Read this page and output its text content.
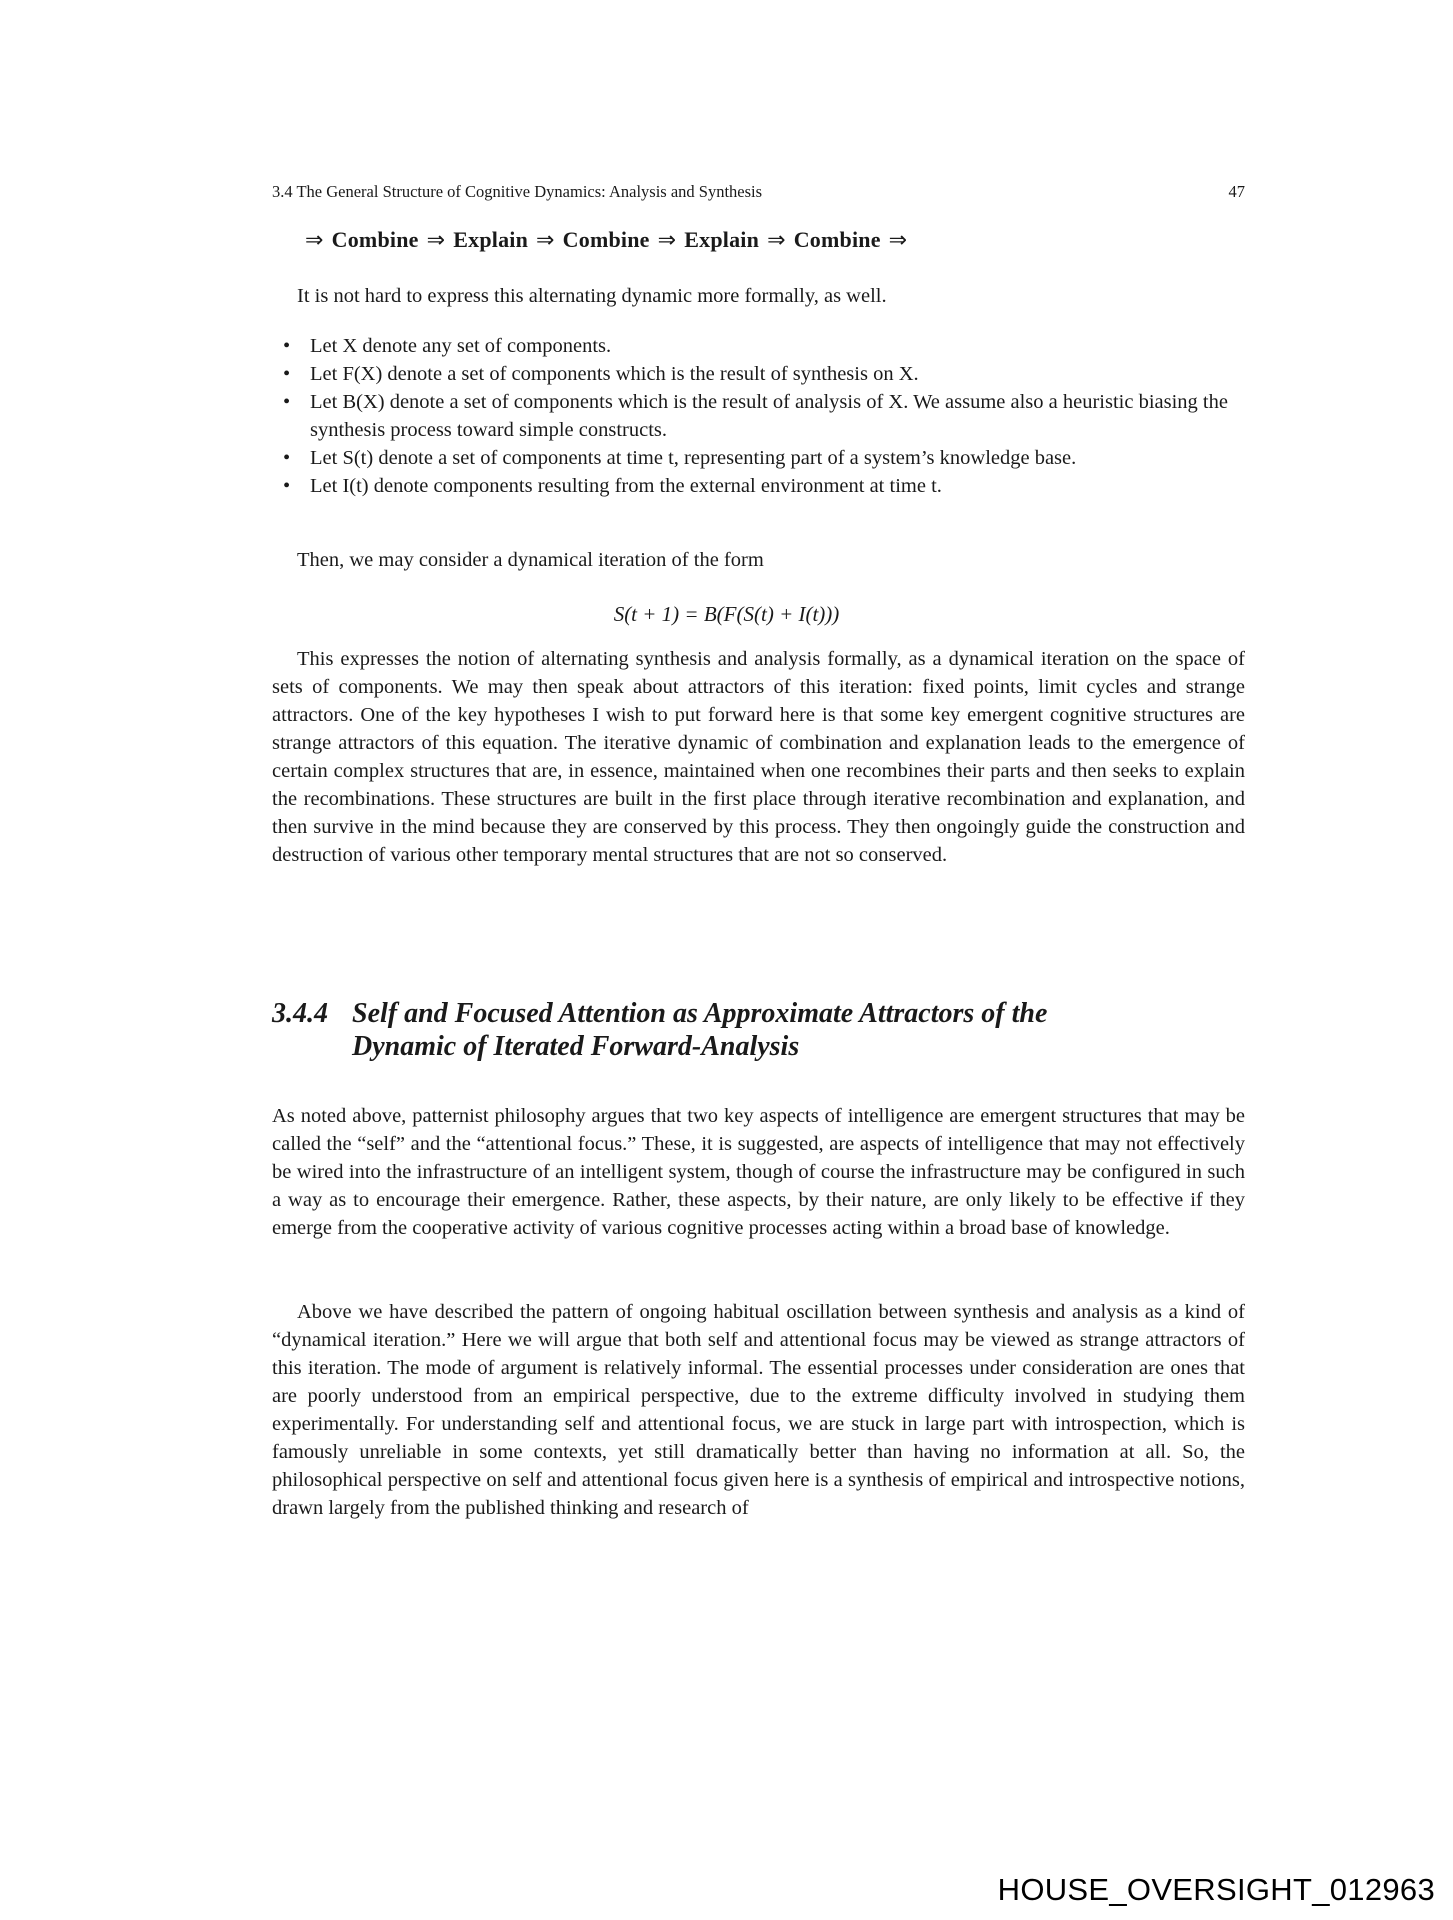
3.4 The General Structure of Cognitive Dynamics: Analysis and Synthesis	47
⇒ Combine ⇒ Explain ⇒ Combine ⇒ Explain ⇒ Combine ⇒

It is not hard to express this alternating dynamic more formally, as well.

• Let X denote any set of components.
• Let F(X) denote a set of components which is the result of synthesis on X.
• Let B(X) denote a set of components which is the result of analysis of X. We assume also a heuristic biasing the synthesis process toward simple constructs.
• Let S(t) denote a set of components at time t, representing part of a system’s knowledge base.
• Let I(t) denote components resulting from the external environment at time t.

Then, we may consider a dynamical iteration of the form

S(t + 1) = B(F(S(t) + I(t)))

This expresses the notion of alternating synthesis and analysis formally, as a dynamical iteration on the space of sets of components. We may then speak about attractors of this iteration: fixed points, limit cycles and strange attractors. One of the key hypotheses I wish to put forward here is that some key emergent cognitive structures are strange attractors of this equation. The iterative dynamic of combination and explanation leads to the emergence of certain complex structures that are, in essence, maintained when one recombines their parts and then seeks to explain the recombinations. These structures are built in the first place through iterative recombination and explanation, and then survive in the mind because they are conserved by this process. They then ongoingly guide the construction and destruction of various other temporary mental structures that are not so conserved.

3.4.4 Self and Focused Attention as Approximate Attractors of the
Dynamic of Iterated Forward-Analysis

As noted above, patternist philosophy argues that two key aspects of intelligence are emergent structures that may be called the “self” and the “attentional focus.” These, it is suggested, are aspects of intelligence that may not effectively be wired into the infrastructure of an intelligent system, though of course the infrastructure may be configured in such a way as to encourage their emergence. Rather, these aspects, by their nature, are only likely to be effective if they emerge from the cooperative activity of various cognitive processes acting within a broad base of knowledge.

Above we have described the pattern of ongoing habitual oscillation between synthesis and analysis as a kind of “dynamical iteration.” Here we will argue that both self and attentional focus may be viewed as strange attractors of this iteration. The mode of argument is relatively informal. The essential processes under consideration are ones that are poorly understood from an empirical perspective, due to the extreme difficulty involved in studying them experimentally. For understanding self and attentional focus, we are stuck in large part with introspection, which is famously unreliable in some contexts, yet still dramatically better than having no information at all. So, the philosophical perspective on self and attentional focus given here is a synthesis of empirical and introspective notions, drawn largely from the published thinking and research of

HOUSE_OVERSIGHT_012963
